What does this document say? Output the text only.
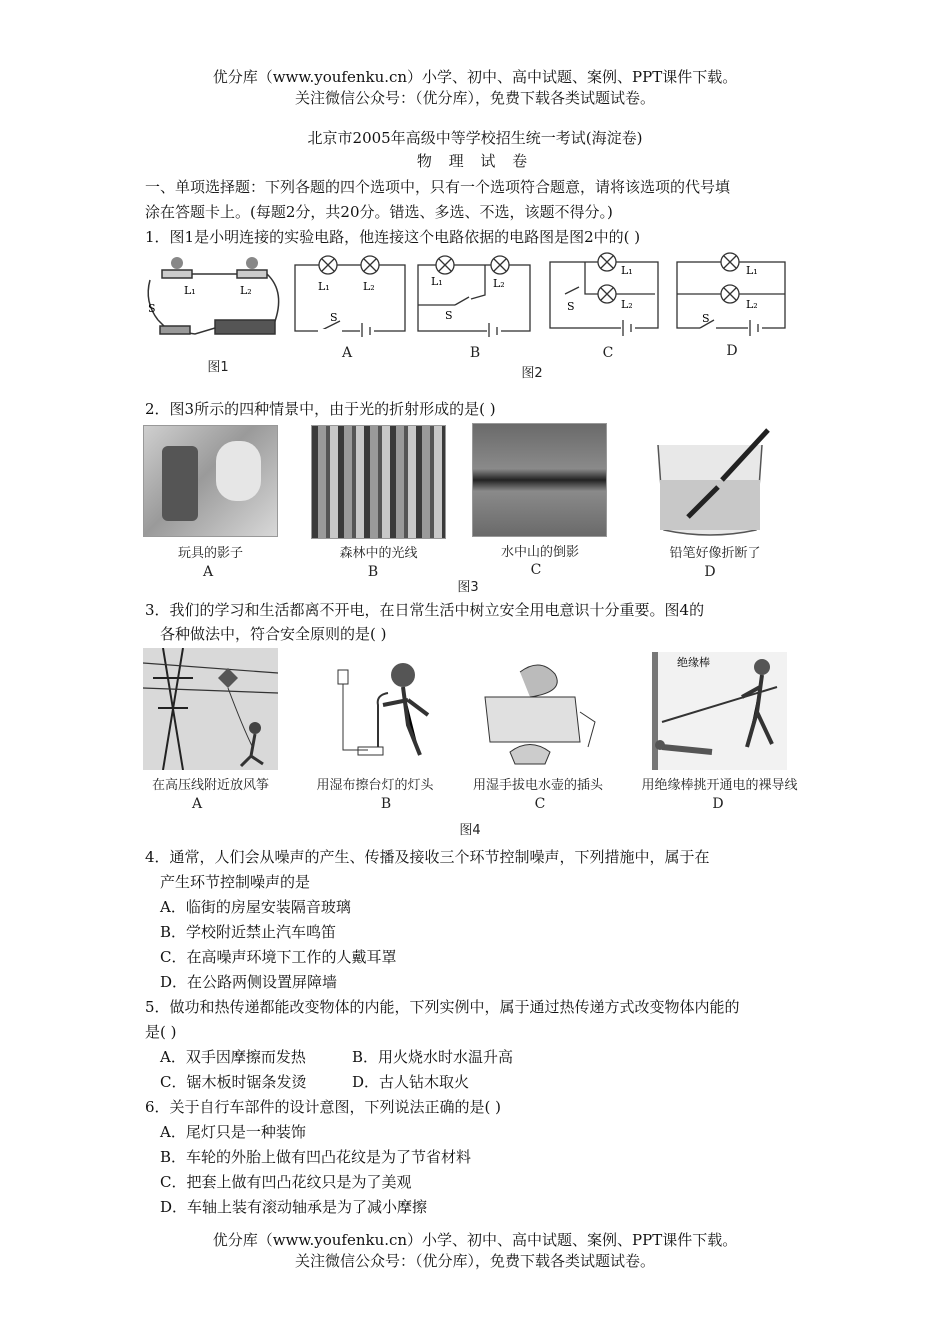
优分库（www.youfenku.cn）小学、初中、高中试题、案例、PPT课件下载。
关注微信公众号：（优分库），免费下载各类试题试卷。
北京市2005年高级中等学校招生统一考试(海淀卷)
物 理 试 卷
一、单项选择题：下列各题的四个选项中，只有一个选项符合题意，请将该选项的代号填
涂在答题卡上。(每题2分，共20分。错选、多选、不选，该题不得分。)
1．图1是小明连接的实验电路，他连接这个电路依据的电路图是图2中的( )
L₁	L₂
S
图1
L₁	L₂
S
A
L₁	L₂
S
B
图2
L₁
L₂
S
C
L₁
L₂
S
D
2．图3所示的四种情景中，由于光的折射形成的是( )
玩具的影子
A
森林中的光线
B
水中山的倒影
C
铅笔好像折断了
D
图3
3．我们的学习和生活都离不开电，在日常生活中树立安全用电意识十分重要。图4的
各种做法中，符合安全原则的是( )
在高压线附近放风筝
A
用湿布擦台灯的灯头
B
用湿手拔电水壶的插头
C
绝缘棒
用绝缘棒挑开通电的裸导线
D
图4
4．通常，人们会从噪声的产生、传播及接收三个环节控制噪声，下列措施中，属于在
产生环节控制噪声的是
A．临街的房屋安装隔音玻璃
B．学校附近禁止汽车鸣笛
C．在高噪声环境下工作的人戴耳罩
D．在公路两侧设置屏障墙
5．做功和热传递都能改变物体的内能，下列实例中，属于通过热传递方式改变物体内能的
是( )
A．双手因摩擦而发热	B．用火烧水时水温升高
C．锯木板时锯条发烫	D．古人钻木取火
6．关于自行车部件的设计意图，下列说法正确的是( )
A．尾灯只是一种装饰
B．车轮的外胎上做有凹凸花纹是为了节省材料
C．把套上做有凹凸花纹只是为了美观
D．车轴上装有滚动轴承是为了减小摩擦
优分库（www.youfenku.cn）小学、初中、高中试题、案例、PPT课件下载。
关注微信公众号：（优分库），免费下载各类试题试卷。
